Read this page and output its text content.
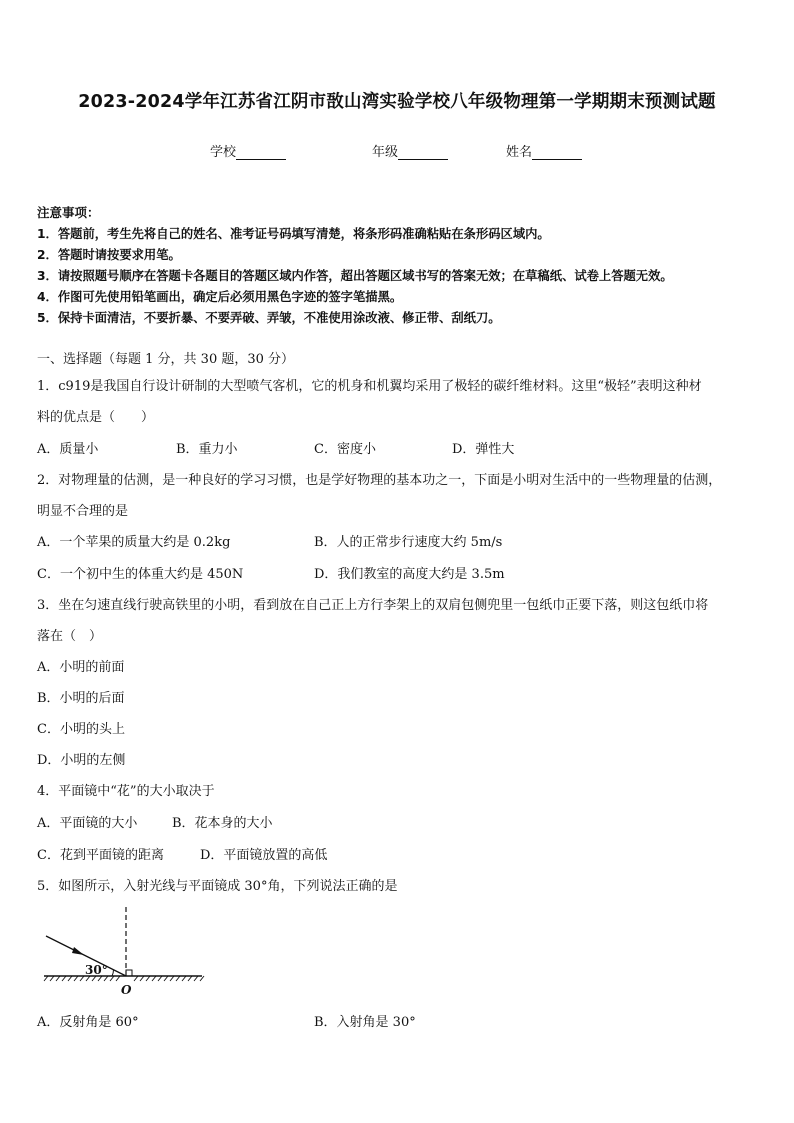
2023-2024学年江苏省江阴市敔山湾实验学校八年级物理第一学期期末预测试题
学校	年级	姓名
注意事项：
1．答题前，考生先将自己的姓名、准考证号码填写清楚，将条形码准确粘贴在条形码区域内。
2．答题时请按要求用笔。
3．请按照题号顺序在答题卡各题目的答题区域内作答，超出答题区域书写的答案无效；在草稿纸、试卷上答题无效。
4．作图可先使用铅笔画出，确定后必须用黑色字迹的签字笔描黑。
5．保持卡面清洁，不要折暴、不要弄破、弄皱，不准使用涂改液、修正带、刮纸刀。
一、选择题（每题 1 分，共 30 题，30 分）
1．c919是我国自行设计研制的大型喷气客机，它的机身和机翼均采用了极轻的碳纤维材料。这里“极轻”表明这种材
料的优点是（　　）
A．质量小	B．重力小	C．密度小	D．弹性大
2．对物理量的估测，是一种良好的学习习惯，也是学好物理的基本功之一，下面是小明对生活中的一些物理量的估测，
明显不合理的是
A．一个苹果的质量大约是 0.2kg	B．人的正常步行速度大约 5m/s
C．一个初中生的体重大约是 450N	D．我们教室的高度大约是 3.5m
3．坐在匀速直线行驶高铁里的小明，看到放在自己正上方行李架上的双肩包侧兜里一包纸巾正要下落，则这包纸巾将
落在（　）
A．小明的前面
B．小明的后面
C．小明的头上
D．小明的左侧
4．平面镜中“花”的大小取决于
A．平面镜的大小	B．花本身的大小
C．花到平面镜的距离	D．平面镜放置的高低
5．如图所示，入射光线与平面镜成 30°角，下列说法正确的是
30°
O
A．反射角是 60°	B．入射角是 30°
